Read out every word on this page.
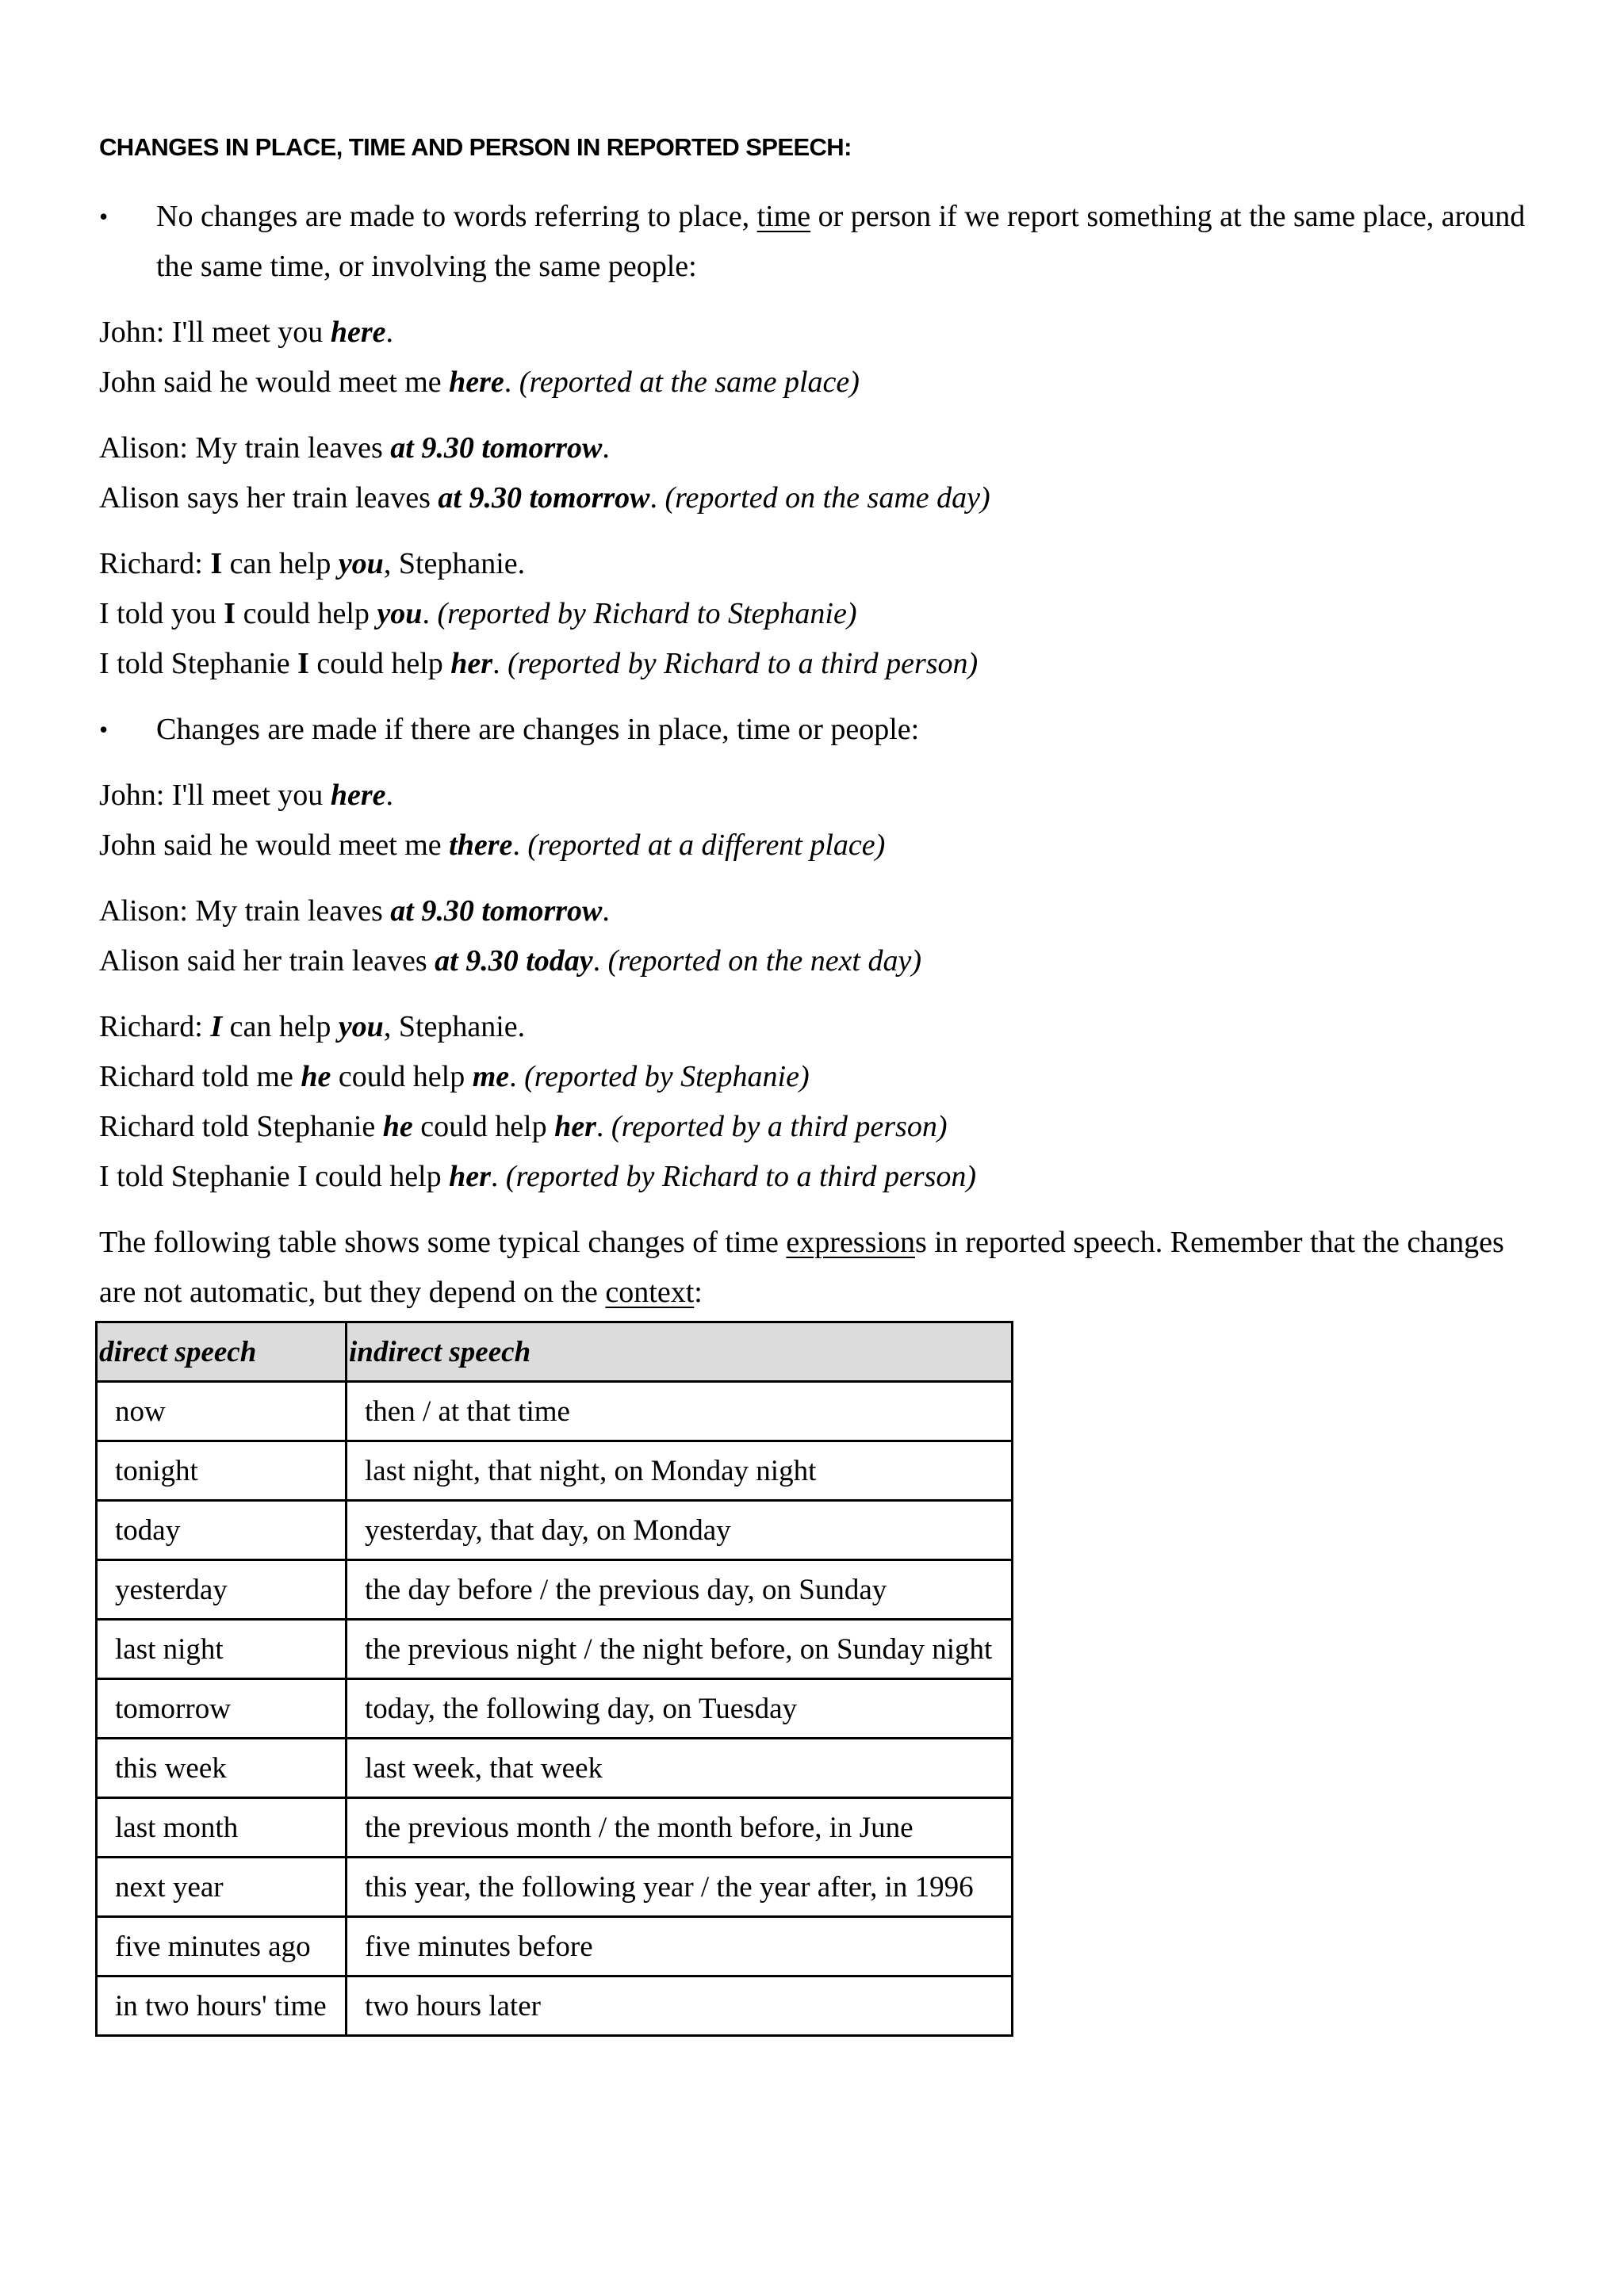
CHANGES IN PLACE, TIME AND PERSON IN REPORTED SPEECH:
• No changes are made to words referring to place, time or person if we report something at the same place, around
the same time, or involving the same people:
John: I'll meet you here.
John said he would meet me here. (reported at the same place)
Alison: My train leaves at 9.30 tomorrow.
Alison says her train leaves at 9.30 tomorrow. (reported on the same day)
Richard: I can help you, Stephanie.
I told you I could help you. (reported by Richard to Stephanie)
I told Stephanie I could help her. (reported by Richard to a third person)
• Changes are made if there are changes in place, time or people:
John: I'll meet you here.
John said he would meet me there. (reported at a different place)
Alison: My train leaves at 9.30 tomorrow.
Alison said her train leaves at 9.30 today. (reported on the next day)
Richard: I can help you, Stephanie.
Richard told me he could help me. (reported by Stephanie)
Richard told Stephanie he could help her. (reported by a third person)
I told Stephanie I could help her. (reported by Richard to a third person)
The following table shows some typical changes of time expressions in reported speech. Remember that the changes
are not automatic, but they depend on the context:
direct speech	indirect speech
now	then / at that time
tonight	last night, that night, on Monday night
today	yesterday, that day, on Monday
yesterday	the day before / the previous day, on Sunday
last night	the previous night / the night before, on Sunday night
tomorrow	today, the following day, on Tuesday
this week	last week, that week
last month	the previous month / the month before, in June
next year	this year, the following year / the year after, in 1996
five minutes ago	five minutes before
in two hours' time	two hours later
